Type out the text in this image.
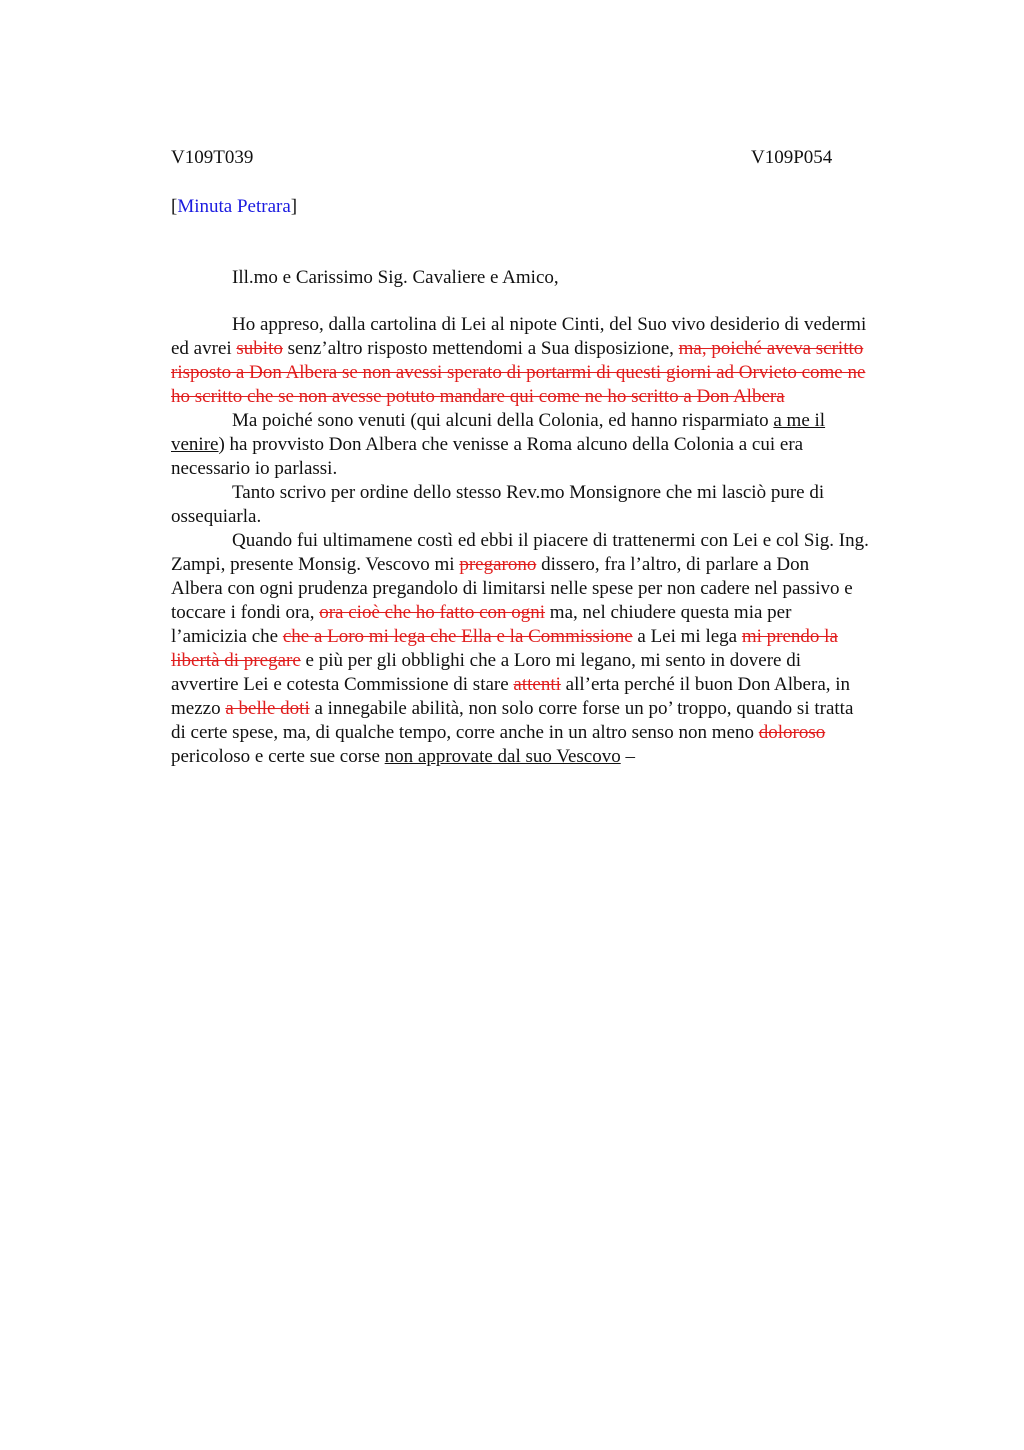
V109T039	V109P054
[Minuta Petrara]
Ill.mo e Carissimo Sig. Cavaliere e Amico,
Ho appreso, dalla cartolina di Lei al nipote Cinti, del Suo vivo desiderio di vedermi
ed avrei subito senz’altro risposto mettendomi a Sua disposizione, ma, poiché aveva scritto
risposto a Don Albera se non avessi sperato di portarmi di questi giorni ad Orvieto come ne
ho scritto che se non avesse potuto mandare qui come ne ho scritto a Don Albera
Ma poiché sono venuti (qui alcuni della Colonia, ed hanno risparmiato a me il
venire) ha provvisto Don Albera che venisse a Roma alcuno della Colonia a cui era
necessario io parlassi.
Tanto scrivo per ordine dello stesso Rev.mo Monsignore che mi lasciò pure di
ossequiarla.
Quando fui ultimamene costì ed ebbi il piacere di trattenermi con Lei e col Sig. Ing.
Zampi, presente Monsig. Vescovo mi pregarono dissero, fra l’altro, di parlare a Don
Albera con ogni prudenza pregandolo di limitarsi nelle spese per non cadere nel passivo e
toccare i fondi ora, ora cioè che ho fatto con ogni ma, nel chiudere questa mia per
l’amicizia che che a Loro mi lega che Ella e la Commissione a Lei mi lega mi prendo la
libertà di pregare e più per gli obblighi che a Loro mi legano, mi sento in dovere di
avvertire Lei e cotesta Commissione di stare attenti all’erta perché il buon Don Albera, in
mezzo a belle doti a innegabile abilità, non solo corre forse un po’ troppo, quando si tratta
di certe spese, ma, di qualche tempo, corre anche in un altro senso non meno doloroso
pericoloso e certe sue corse non approvate dal suo Vescovo –
